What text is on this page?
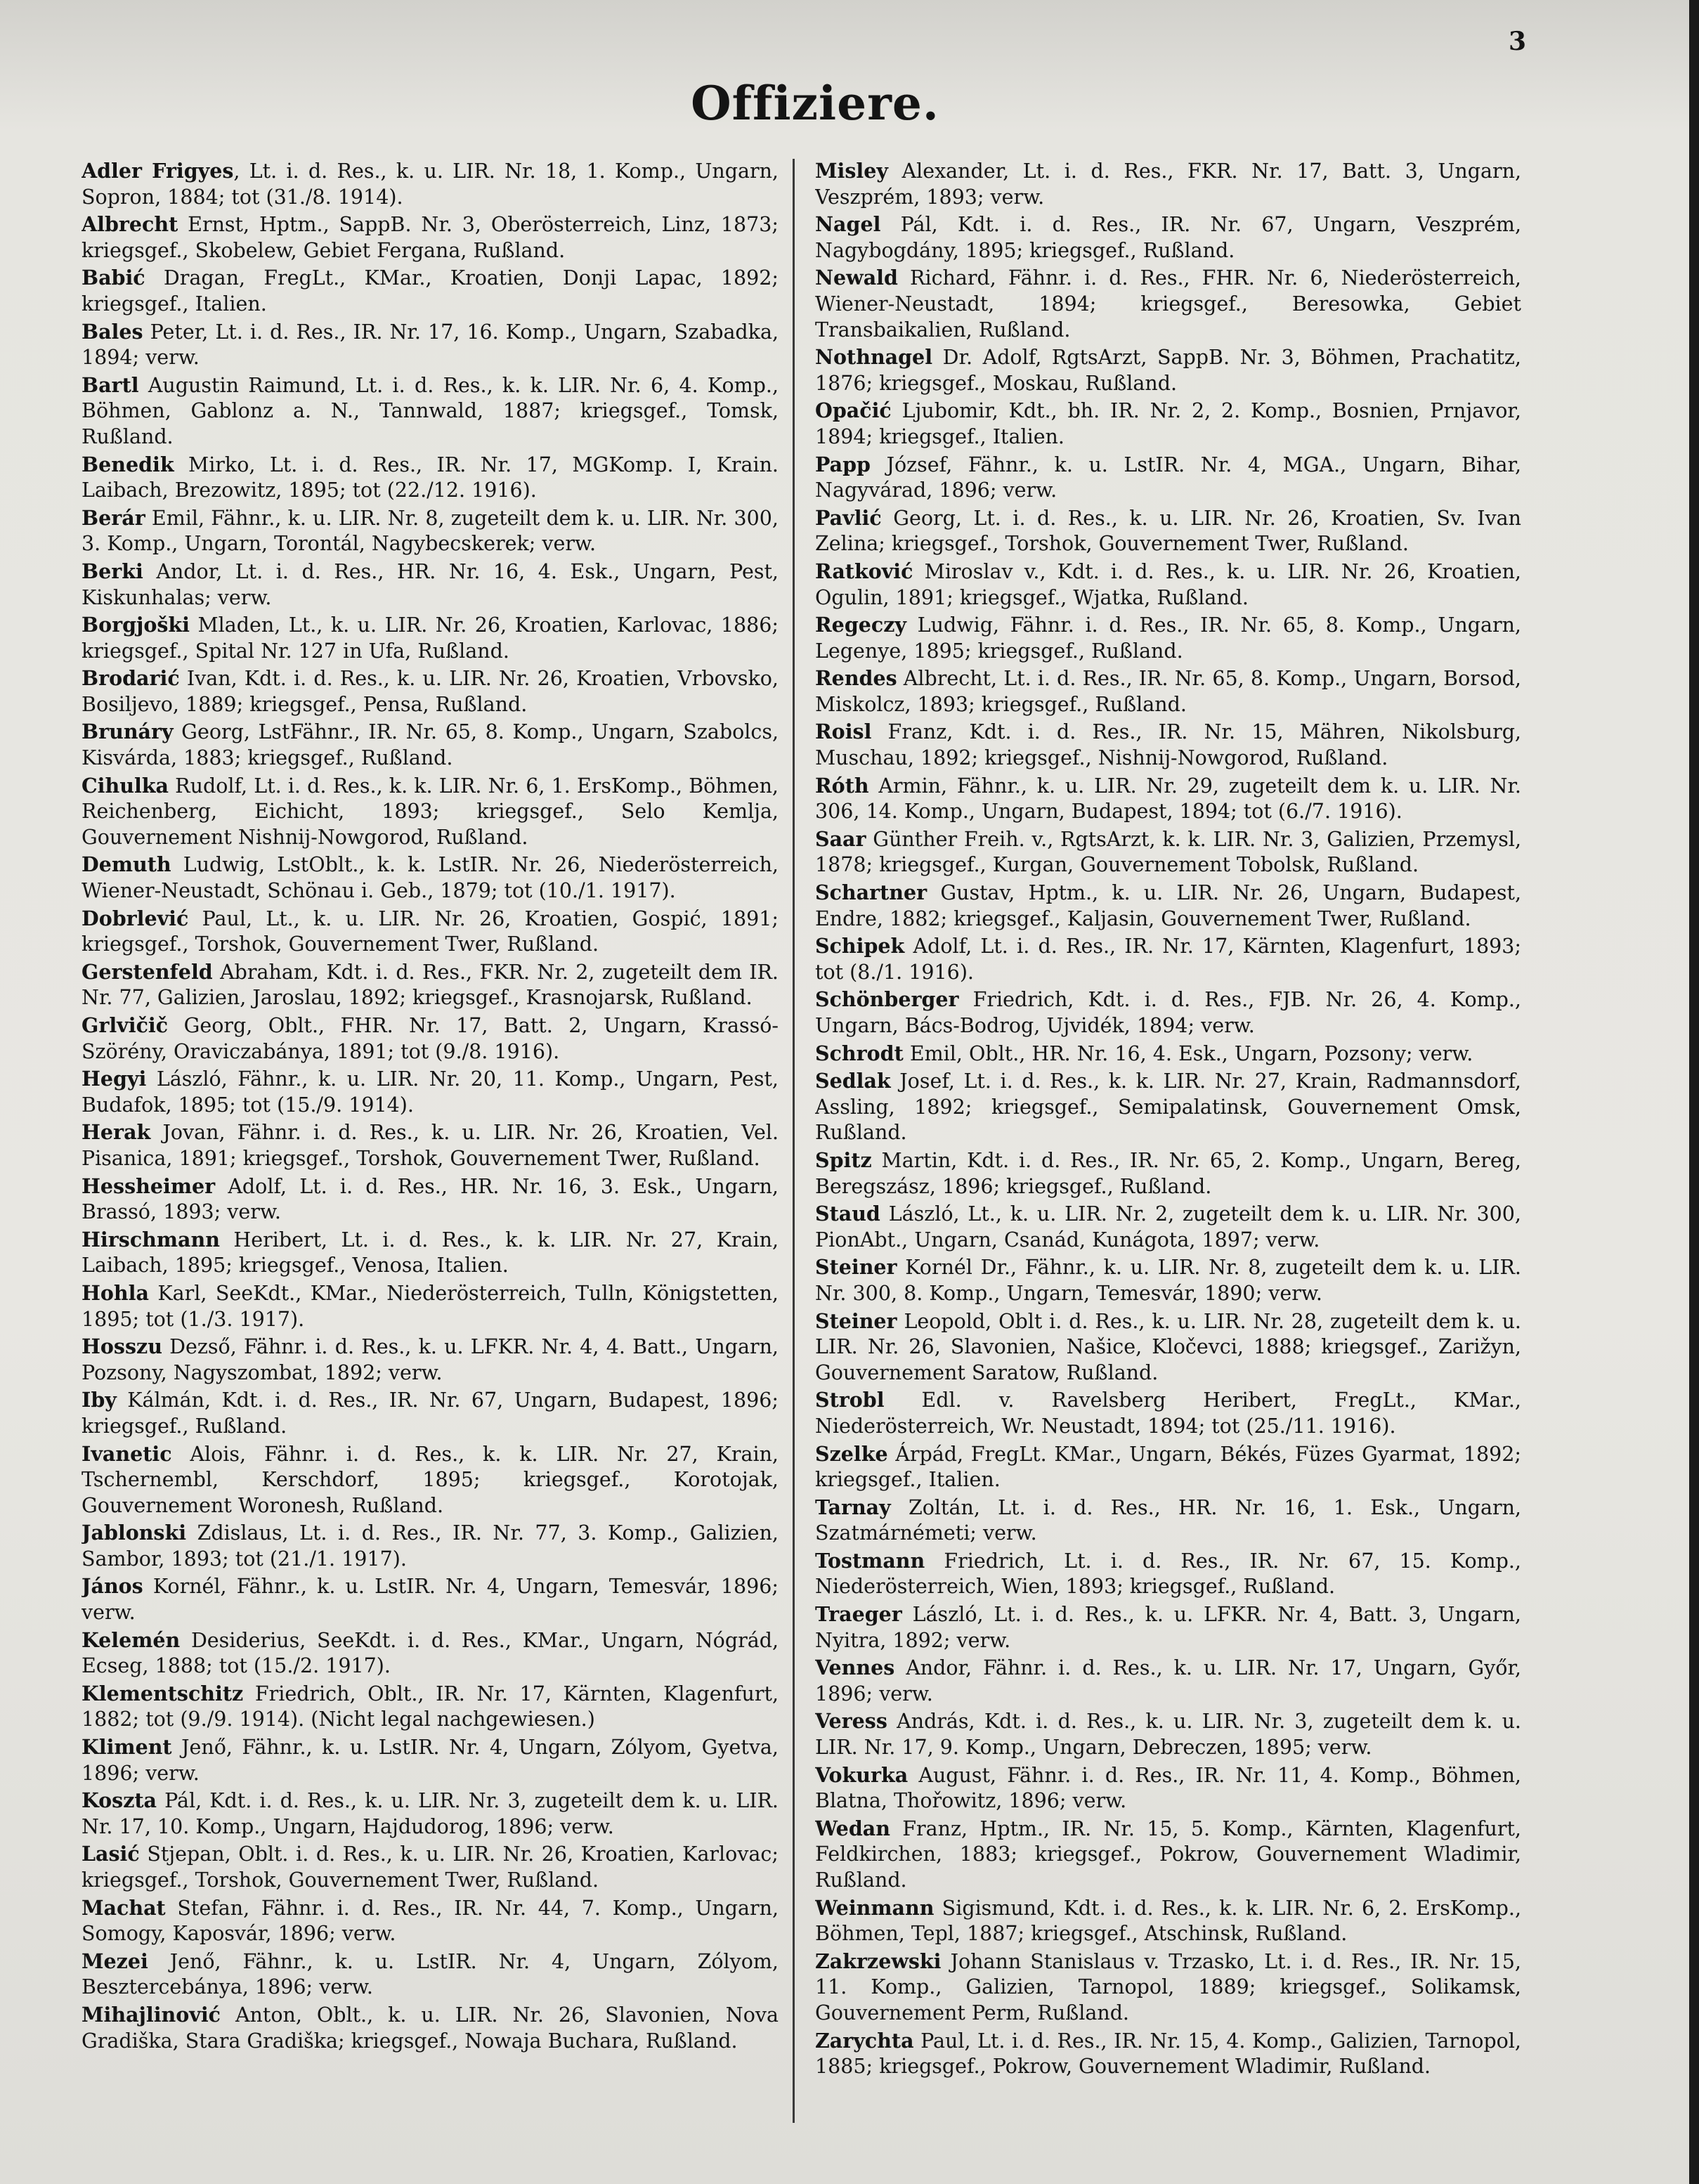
3
Offiziere.

Adler Frigyes, Lt. i. d. Res., k. u. LIR. Nr. 18, 1. Komp., Ungarn, Sopron, 1884; tot (31./8. 1914).

Albrecht Ernst, Hptm., SappB. Nr. 3, Oberösterreich, Linz, 1873; kriegsgef., Skobelew, Gebiet Fergana, Rußland.

Babić Dragan, FregLt., KMar., Kroatien, Donji Lapac, 1892; kriegsgef., Italien.

Bales Peter, Lt. i. d. Res., IR. Nr. 17, 16. Komp., Ungarn, Szabadka, 1894; verw.

Bartl Augustin Raimund, Lt. i. d. Res., k. k. LIR. Nr. 6, 4. Komp., Böhmen, Gablonz a. N., Tannwald, 1887; kriegsgef., Tomsk, Rußland.

Benedik Mirko, Lt. i. d. Res., IR. Nr. 17, MGKomp. I, Krain. Laibach, Brezowitz, 1895; tot (22./12. 1916).

Berár Emil, Fähnr., k. u. LIR. Nr. 8, zugeteilt dem k. u. LIR. Nr. 300, 3. Komp., Ungarn, Torontál, Nagybecskerek; verw.

Berki Andor, Lt. i. d. Res., HR. Nr. 16, 4. Esk., Ungarn, Pest, Kiskunhalas; verw.

Borgjoški Mladen, Lt., k. u. LIR. Nr. 26, Kroatien, Karlovac, 1886; kriegsgef., Spital Nr. 127 in Ufa, Rußland.

Brodarić Ivan, Kdt. i. d. Res., k. u. LIR. Nr. 26, Kroatien, Vrbovsko, Bosiljevo, 1889; kriegsgef., Pensa, Rußland.

Brunáry Georg, LstFähnr., IR. Nr. 65, 8. Komp., Ungarn, Szabolcs, Kisvárda, 1883; kriegsgef., Rußland.

Cihulka Rudolf, Lt. i. d. Res., k. k. LIR. Nr. 6, 1. ErsKomp., Böhmen, Reichenberg, Eichicht, 1893; kriegsgef., Selo Kemlja, Gouvernement Nishnij-Nowgorod, Rußland.

Demuth Ludwig, LstOblt., k. k. LstIR. Nr. 26, Niederösterreich, Wiener-Neustadt, Schönau i. Geb., 1879; tot (10./1. 1917).

Dobrlević Paul, Lt., k. u. LIR. Nr. 26, Kroatien, Gospić, 1891; kriegsgef., Torshok, Gouvernement Twer, Rußland.

Gerstenfeld Abraham, Kdt. i. d. Res., FKR. Nr. 2, zugeteilt dem IR. Nr. 77, Galizien, Jaroslau, 1892; kriegsgef., Krasnojarsk, Rußland.

Grlvičič Georg, Oblt., FHR. Nr. 17, Batt. 2, Ungarn, Krassó-Szörény, Oraviczabánya, 1891; tot (9./8. 1916).

Hegyi László, Fähnr., k. u. LIR. Nr. 20, 11. Komp., Ungarn, Pest, Budafok, 1895; tot (15./9. 1914).

Herak Jovan, Fähnr. i. d. Res., k. u. LIR. Nr. 26, Kroatien, Vel. Pisanica, 1891; kriegsgef., Torshok, Gouvernement Twer, Rußland.

Hessheimer Adolf, Lt. i. d. Res., HR. Nr. 16, 3. Esk., Ungarn, Brassó, 1893; verw.

Hirschmann Heribert, Lt. i. d. Res., k. k. LIR. Nr. 27, Krain, Laibach, 1895; kriegsgef., Venosa, Italien.

Hohla Karl, SeeKdt., KMar., Niederösterreich, Tulln, Königstetten, 1895; tot (1./3. 1917).

Hosszu Dezső, Fähnr. i. d. Res., k. u. LFKR. Nr. 4, 4. Batt., Ungarn, Pozsony, Nagyszombat, 1892; verw.

Iby Kálmán, Kdt. i. d. Res., IR. Nr. 67, Ungarn, Budapest, 1896; kriegsgef., Rußland.

Ivanetic Alois, Fähnr. i. d. Res., k. k. LIR. Nr. 27, Krain, Tschernembl, Kerschdorf, 1895; kriegsgef., Korotojak, Gouvernement Woronesh, Rußland.

Jablonski Zdislaus, Lt. i. d. Res., IR. Nr. 77, 3. Komp., Galizien, Sambor, 1893; tot (21./1. 1917).

János Kornél, Fähnr., k. u. LstIR. Nr. 4, Ungarn, Temesvár, 1896; verw.

Kelemén Desiderius, SeeKdt. i. d. Res., KMar., Ungarn, Nógrád, Ecseg, 1888; tot (15./2. 1917).

Klementschitz Friedrich, Oblt., IR. Nr. 17, Kärnten, Klagenfurt, 1882; tot (9./9. 1914). (Nicht legal nachgewiesen.)

Kliment Jenő, Fähnr., k. u. LstIR. Nr. 4, Ungarn, Zólyom, Gyetva, 1896; verw.

Koszta Pál, Kdt. i. d. Res., k. u. LIR. Nr. 3, zugeteilt dem k. u. LIR. Nr. 17, 10. Komp., Ungarn, Hajdudorog, 1896; verw.

Lasić Stjepan, Oblt. i. d. Res., k. u. LIR. Nr. 26, Kroatien, Karlovac; kriegsgef., Torshok, Gouvernement Twer, Rußland.

Machat Stefan, Fähnr. i. d. Res., IR. Nr. 44, 7. Komp., Ungarn, Somogy, Kaposvár, 1896; verw.

Mezei Jenő, Fähnr., k. u. LstIR. Nr. 4, Ungarn, Zólyom, Besztercebánya, 1896; verw.

Mihajlinović Anton, Oblt., k. u. LIR. Nr. 26, Slavonien, Nova Gradiška, Stara Gradiška; kriegsgef., Nowaja Buchara, Rußland.

Misley Alexander, Lt. i. d. Res., FKR. Nr. 17, Batt. 3, Ungarn, Veszprém, 1893; verw.

Nagel Pál, Kdt. i. d. Res., IR. Nr. 67, Ungarn, Veszprém, Nagybogdány, 1895; kriegsgef., Rußland.

Newald Richard, Fähnr. i. d. Res., FHR. Nr. 6, Niederösterreich, Wiener-Neustadt, 1894; kriegsgef., Beresowka, Gebiet Transbaikalien, Rußland.

Nothnagel Dr. Adolf, RgtsArzt, SappB. Nr. 3, Böhmen, Prachatitz, 1876; kriegsgef., Moskau, Rußland.

Opačić Ljubomir, Kdt., bh. IR. Nr. 2, 2. Komp., Bosnien, Prnjavor, 1894; kriegsgef., Italien.

Papp József, Fähnr., k. u. LstIR. Nr. 4, MGA., Ungarn, Bihar, Nagyvárad, 1896; verw.

Pavlić Georg, Lt. i. d. Res., k. u. LIR. Nr. 26, Kroatien, Sv. Ivan Zelina; kriegsgef., Torshok, Gouvernement Twer, Rußland.

Ratković Miroslav v., Kdt. i. d. Res., k. u. LIR. Nr. 26, Kroatien, Ogulin, 1891; kriegsgef., Wjatka, Rußland.

Regeczy Ludwig, Fähnr. i. d. Res., IR. Nr. 65, 8. Komp., Ungarn, Legenye, 1895; kriegsgef., Rußland.

Rendes Albrecht, Lt. i. d. Res., IR. Nr. 65, 8. Komp., Ungarn, Borsod, Miskolcz, 1893; kriegsgef., Rußland.

Roisl Franz, Kdt. i. d. Res., IR. Nr. 15, Mähren, Nikolsburg, Muschau, 1892; kriegsgef., Nishnij-Nowgorod, Rußland.

Róth Armin, Fähnr., k. u. LIR. Nr. 29, zugeteilt dem k. u. LIR. Nr. 306, 14. Komp., Ungarn, Budapest, 1894; tot (6./7. 1916).

Saar Günther Freih. v., RgtsArzt, k. k. LIR. Nr. 3, Galizien, Przemysl, 1878; kriegsgef., Kurgan, Gouvernement Tobolsk, Rußland.

Schartner Gustav, Hptm., k. u. LIR. Nr. 26, Ungarn, Budapest, Endre, 1882; kriegsgef., Kaljasin, Gouvernement Twer, Rußland.

Schipek Adolf, Lt. i. d. Res., IR. Nr. 17, Kärnten, Klagenfurt, 1893; tot (8./1. 1916).

Schönberger Friedrich, Kdt. i. d. Res., FJB. Nr. 26, 4. Komp., Ungarn, Bács-Bodrog, Ujvidék, 1894; verw.

Schrodt Emil, Oblt., HR. Nr. 16, 4. Esk., Ungarn, Pozsony; verw.

Sedlak Josef, Lt. i. d. Res., k. k. LIR. Nr. 27, Krain, Radmannsdorf, Assling, 1892; kriegsgef., Semipalatinsk, Gouvernement Omsk, Rußland.

Spitz Martin, Kdt. i. d. Res., IR. Nr. 65, 2. Komp., Ungarn, Bereg, Beregszász, 1896; kriegsgef., Rußland.

Staud László, Lt., k. u. LIR. Nr. 2, zugeteilt dem k. u. LIR. Nr. 300, PionAbt., Ungarn, Csanád, Kunágota, 1897; verw.

Steiner Kornél Dr., Fähnr., k. u. LIR. Nr. 8, zugeteilt dem k. u. LIR. Nr. 300, 8. Komp., Ungarn, Temesvár, 1890; verw.

Steiner Leopold, Oblt i. d. Res., k. u. LIR. Nr. 28, zugeteilt dem k. u. LIR. Nr. 26, Slavonien, Našice, Kločevci, 1888; kriegsgef., Zarižyn, Gouvernement Saratow, Rußland.

Strobl Edl. v. Ravelsberg Heribert, FregLt., KMar., Niederösterreich, Wr. Neustadt, 1894; tot (25./11. 1916).

Szelke Árpád, FregLt. KMar., Ungarn, Békés, Füzes Gyarmat, 1892; kriegsgef., Italien.

Tarnay Zoltán, Lt. i. d. Res., HR. Nr. 16, 1. Esk., Ungarn, Szatmárnémeti; verw.

Tostmann Friedrich, Lt. i. d. Res., IR. Nr. 67, 15. Komp., Niederösterreich, Wien, 1893; kriegsgef., Rußland.

Traeger László, Lt. i. d. Res., k. u. LFKR. Nr. 4, Batt. 3, Ungarn, Nyitra, 1892; verw.

Vennes Andor, Fähnr. i. d. Res., k. u. LIR. Nr. 17, Ungarn, Győr, 1896; verw.

Veress András, Kdt. i. d. Res., k. u. LIR. Nr. 3, zugeteilt dem k. u. LIR. Nr. 17, 9. Komp., Ungarn, Debreczen, 1895; verw.

Vokurka August, Fähnr. i. d. Res., IR. Nr. 11, 4. Komp., Böhmen, Blatna, Thořowitz, 1896; verw.

Wedan Franz, Hptm., IR. Nr. 15, 5. Komp., Kärnten, Klagenfurt, Feldkirchen, 1883; kriegsgef., Pokrow, Gouvernement Wladimir, Rußland.

Weinmann Sigismund, Kdt. i. d. Res., k. k. LIR. Nr. 6, 2. ErsKomp., Böhmen, Tepl, 1887; kriegsgef., Atschinsk, Rußland.

Zakrzewski Johann Stanislaus v. Trzasko, Lt. i. d. Res., IR. Nr. 15, 11. Komp., Galizien, Tarnopol, 1889; kriegsgef., Solikamsk, Gouvernement Perm, Rußland.

Zarychta Paul, Lt. i. d. Res., IR. Nr. 15, 4. Komp., Galizien, Tarnopol, 1885; kriegsgef., Pokrow, Gouvernement Wladimir, Rußland.
